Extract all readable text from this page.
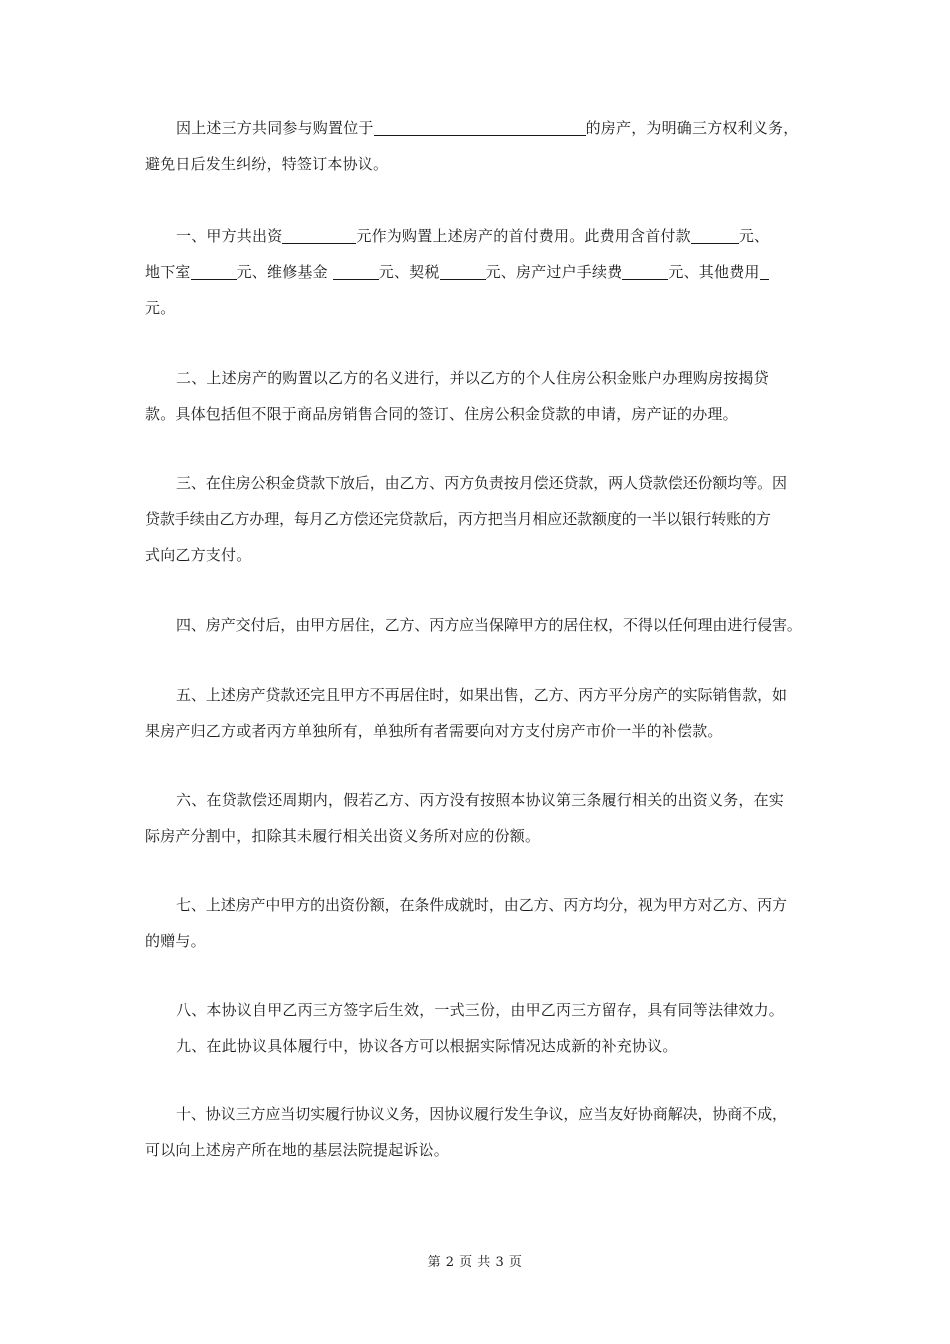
因上述三方共同参与购置位于	的房产，为明确三方权利义务，
避免日后发生纠纷，特签订本协议。
一、甲方共出资	元作为购置上述房产的首付费用。此费用含首付款	元、
地下室	元、维修基金	元、契税	元、房产过户手续费	元、其他费用
元。
二、上述房产的购置以乙方的名义进行，并以乙方的个人住房公积金账户办理购房按揭贷
款。具体包括但不限于商品房销售合同的签订、住房公积金贷款的申请，房产证的办理。
三、在住房公积金贷款下放后，由乙方、丙方负责按月偿还贷款，两人贷款偿还份额均等。因
贷款手续由乙方办理，每月乙方偿还完贷款后，丙方把当月相应还款额度的一半以银行转账的方
式向乙方支付。
四、房产交付后，由甲方居住，乙方、丙方应当保障甲方的居住权，不得以任何理由进行侵害。
五、上述房产贷款还完且甲方不再居住时，如果出售，乙方、丙方平分房产的实际销售款，如
果房产归乙方或者丙方单独所有，单独所有者需要向对方支付房产市价一半的补偿款。
六、在贷款偿还周期内，假若乙方、丙方没有按照本协议第三条履行相关的出资义务，在实
际房产分割中，扣除其未履行相关出资义务所对应的份额。
七、上述房产中甲方的出资份额，在条件成就时，由乙方、丙方均分，视为甲方对乙方、丙方
的赠与。
八、本协议自甲乙丙三方签字后生效，一式三份，由甲乙丙三方留存，具有同等法律效力。
九、在此协议具体履行中，协议各方可以根据实际情况达成新的补充协议。
十、协议三方应当切实履行协议义务，因协议履行发生争议，应当友好协商解决，协商不成，
可以向上述房产所在地的基层法院提起诉讼。
第 2 页 共 3 页
